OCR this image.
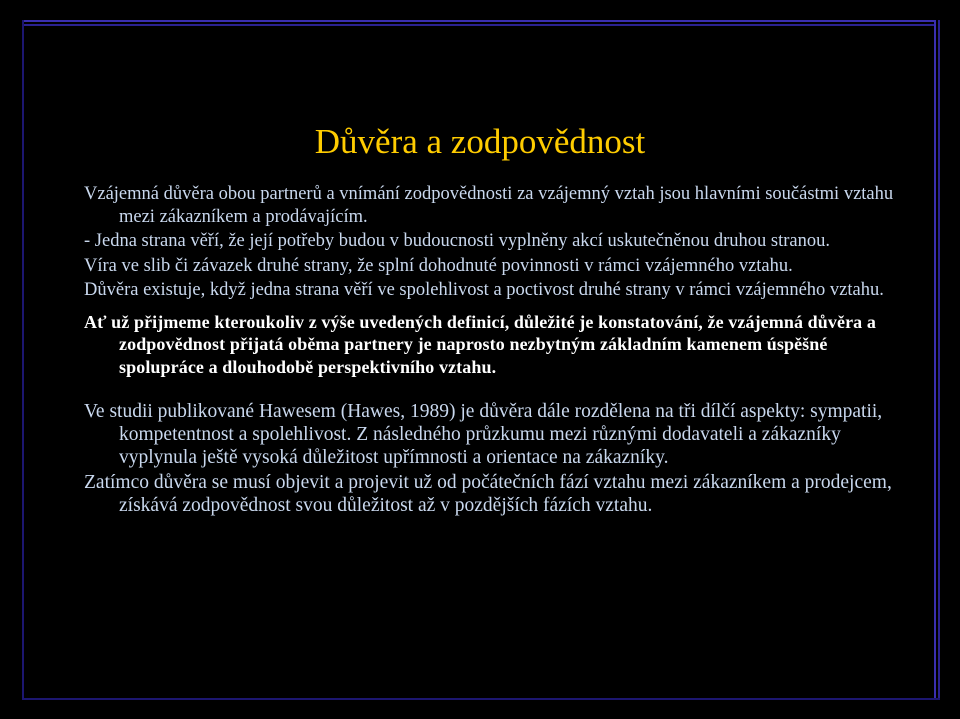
Důvěra a zodpovědnost

Vzájemná důvěra obou partnerů a vnímání zodpovědnosti za vzájemný vztah jsou hlavními součástmi vztahu mezi zákazníkem a prodávajícím.

- Jedna strana věří, že její potřeby budou v budoucnosti vyplněny akcí uskutečněnou druhou stranou.

Víra ve slib či závazek druhé strany, že splní dohodnuté povinnosti v rámci vzájemného vztahu.

Důvěra existuje, když jedna strana věří ve spolehlivost a poctivost druhé strany v rámci vzájemného vztahu.

Ať už přijmeme kteroukoliv z výše uvedených definicí, důležité je konstatování, že vzájemná důvěra a zodpovědnost přijatá oběma partnery je naprosto nezbytným základním kamenem úspěšné spolupráce a dlouhodobě perspektivního vztahu.

Ve studii publikované Hawesem (Hawes, 1989) je důvěra dále rozdělena na tři dílčí aspekty: sympatii, kompetentnost a spolehlivost. Z následného průzkumu mezi různými dodavateli a zákazníky vyplynula ještě vysoká důležitost upřímnosti a orientace na zákazníky.

Zatímco důvěra se musí objevit a projevit už od počátečních fází vztahu mezi zákazníkem a prodejcem, získává zodpovědnost svou důležitost až v pozdějších fázích vztahu.
